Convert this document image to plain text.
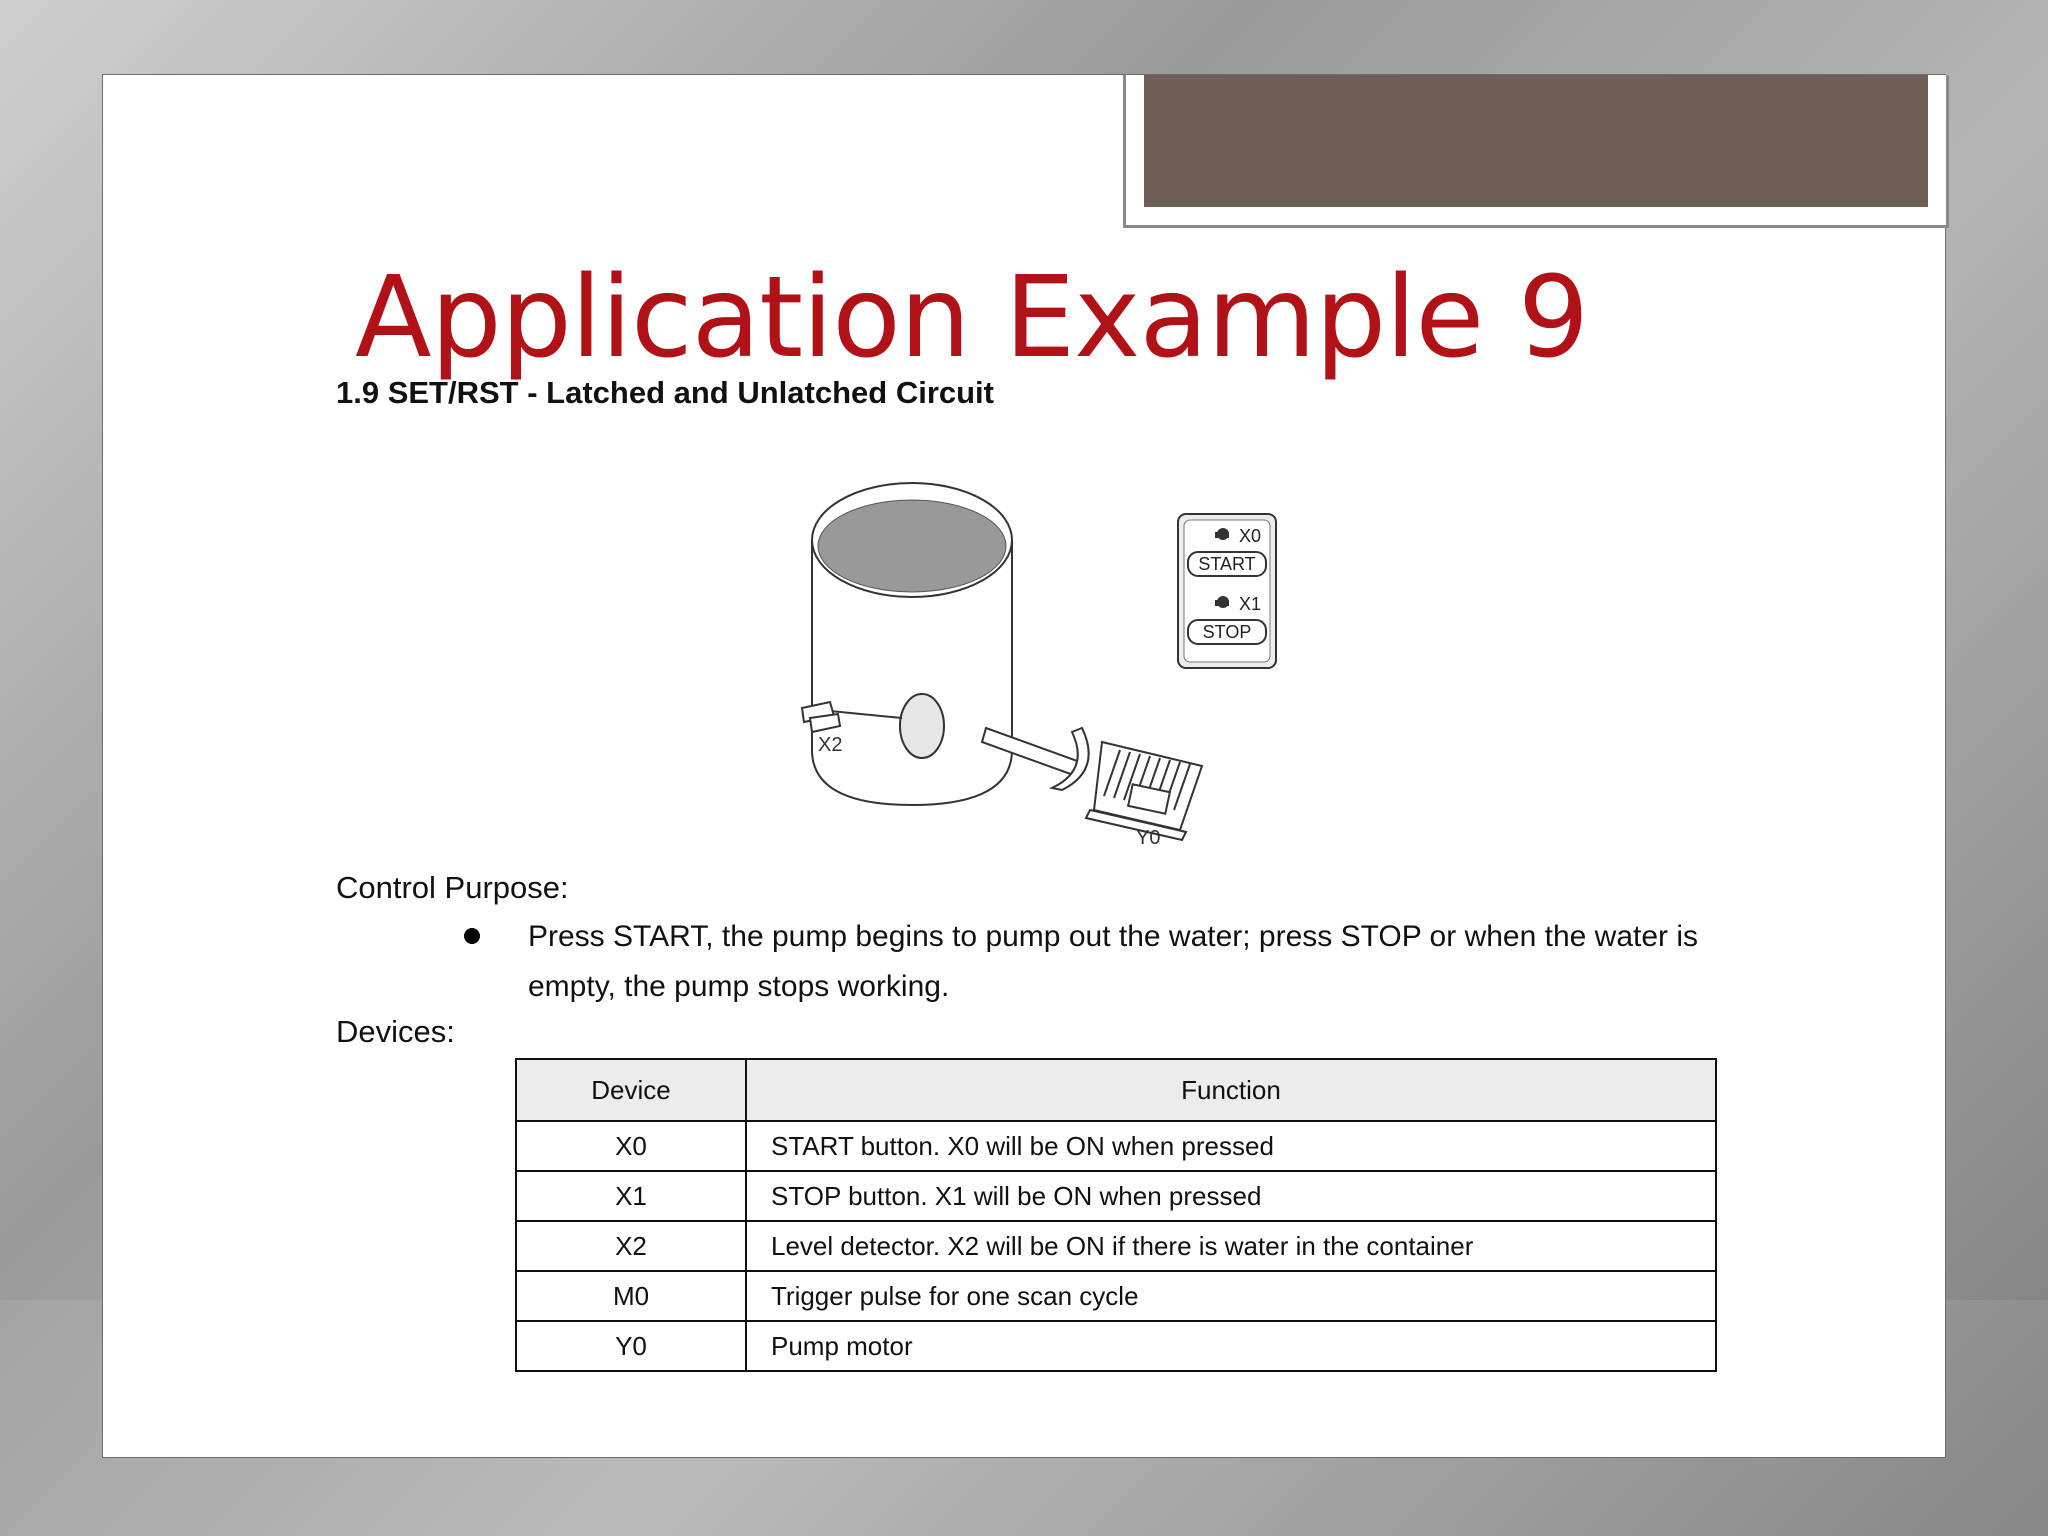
Application Example 9
1.9 SET/RST - Latched and Unlatched Circuit
X2
Y0
X0
START
X1
STOP
Control Purpose:
Press START, the pump begins to pump out the water; press STOP or when the water is empty, the pump stops working.
Devices:
Device	Function
X0	START button. X0 will be ON when pressed
X1	STOP button. X1 will be ON when pressed
X2	Level detector. X2 will be ON if there is water in the container
M0	Trigger pulse for one scan cycle
Y0	Pump motor
